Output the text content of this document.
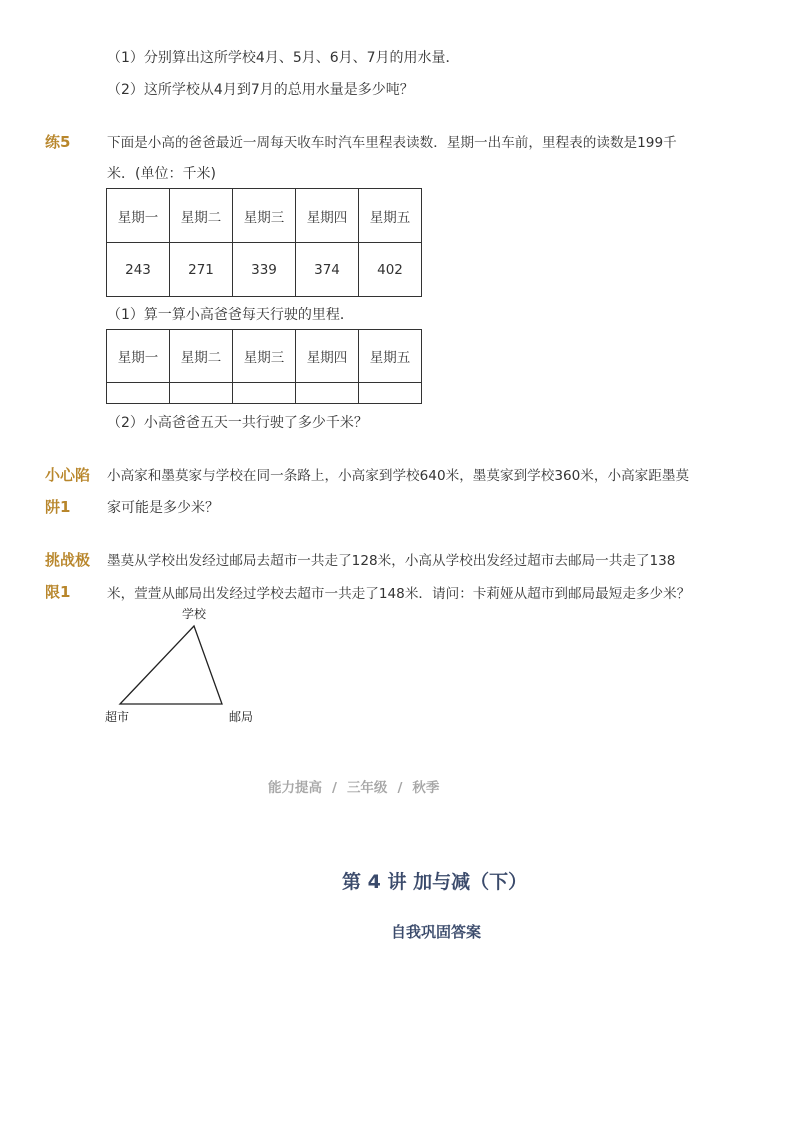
（1）分别算出这所学校4月、5月、6月、7月的用水量．
（2）这所学校从4月到7月的总用水量是多少吨？
练5	下面是小高的爸爸最近一周每天收车时汽车里程表读数．星期一出车前，里程表的读数是199千
米．(单位：千米)
星期一	星期二	星期三	星期四	星期五
243	271	339	374	402
（1）算一算小高爸爸每天行驶的里程．
星期一	星期二	星期三	星期四	星期五

（2）小高爸爸五天一共行驶了多少千米？
小心陷
阱1
小高家和墨莫家与学校在同一条路上，小高家到学校640米，墨莫家到学校360米，小高家距墨莫
家可能是多少米？
挑战极
限1
墨莫从学校出发经过邮局去超市一共走了128米，小高从学校出发经过超市去邮局一共走了138
米，萱萱从邮局出发经过学校去超市一共走了148米．请问：卡莉娅从超市到邮局最短走多少米？
学校
超市	邮局
能力提高 / 三年级 / 秋季
第 4 讲 加与减（下）
自我巩固答案
